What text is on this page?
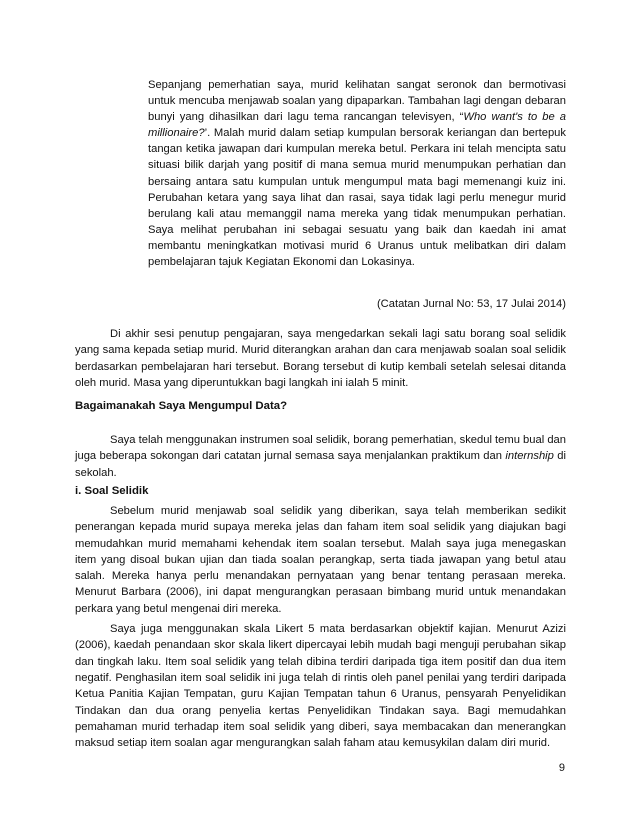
Sepanjang pemerhatian saya, murid kelihatan sangat seronok dan bermotivasi untuk mencuba menjawab soalan yang dipaparkan. Tambahan lagi dengan debaran bunyi yang dihasilkan dari lagu tema rancangan televisyen, “Who want's to be a millionaire?’. Malah murid dalam setiap kumpulan bersorak keriangan dan bertepuk tangan ketika jawapan dari kumpulan mereka betul. Perkara ini telah mencipta satu situasi bilik darjah yang positif di mana semua murid menumpukan perhatian dan bersaing antara satu kumpulan untuk mengumpul mata bagi memenangi kuiz ini. Perubahan ketara yang saya lihat dan rasai, saya tidak lagi perlu menegur murid berulang kali atau memanggil nama mereka yang tidak menumpukan perhatian. Saya melihat perubahan ini sebagai sesuatu yang baik dan kaedah ini amat membantu meningkatkan motivasi murid 6 Uranus untuk melibatkan diri dalam pembelajaran tajuk Kegiatan Ekonomi dan Lokasinya.

(Catatan Jurnal No: 53, 17 Julai 2014)

Di akhir sesi penutup pengajaran, saya mengedarkan sekali lagi satu borang soal selidik yang sama kepada setiap murid. Murid diterangkan arahan dan cara menjawab soalan soal selidik berdasarkan pembelajaran hari tersebut. Borang tersebut di kutip kembali setelah selesai ditanda oleh murid. Masa yang diperuntukkan bagi langkah ini ialah 5 minit.

Bagaimanakah Saya Mengumpul Data?

Saya telah menggunakan instrumen soal selidik, borang pemerhatian, skedul temu bual dan juga beberapa sokongan dari catatan jurnal semasa saya menjalankan praktikum dan internship di sekolah.

i. Soal Selidik

Sebelum murid menjawab soal selidik yang diberikan, saya telah memberikan sedikit penerangan kepada murid supaya mereka jelas dan faham item soal selidik yang diajukan bagi memudahkan murid memahami kehendak item soalan tersebut. Malah saya juga menegaskan item yang disoal bukan ujian dan tiada soalan perangkap, serta tiada jawapan yang betul atau salah. Mereka hanya perlu menandakan pernyataan yang benar tentang perasaan mereka. Menurut Barbara (2006), ini dapat mengurangkan perasaan bimbang murid untuk menandakan perkara yang betul mengenai diri mereka.

Saya juga menggunakan skala Likert 5 mata berdasarkan objektif kajian. Menurut Azizi (2006), kaedah penandaan skor skala likert dipercayai lebih mudah bagi menguji perubahan sikap dan tingkah laku. Item soal selidik yang telah dibina terdiri daripada tiga item positif dan dua item negatif. Penghasilan item soal selidik ini juga telah di rintis oleh panel penilai yang terdiri daripada Ketua Panitia Kajian Tempatan, guru Kajian Tempatan tahun 6 Uranus, pensyarah Penyelidikan Tindakan dan dua orang penyelia kertas Penyelidikan Tindakan saya. Bagi memudahkan pemahaman murid terhadap item soal selidik yang diberi, saya membacakan dan menerangkan maksud setiap item soalan agar mengurangkan salah faham atau kemusykilan dalam diri murid.

9
